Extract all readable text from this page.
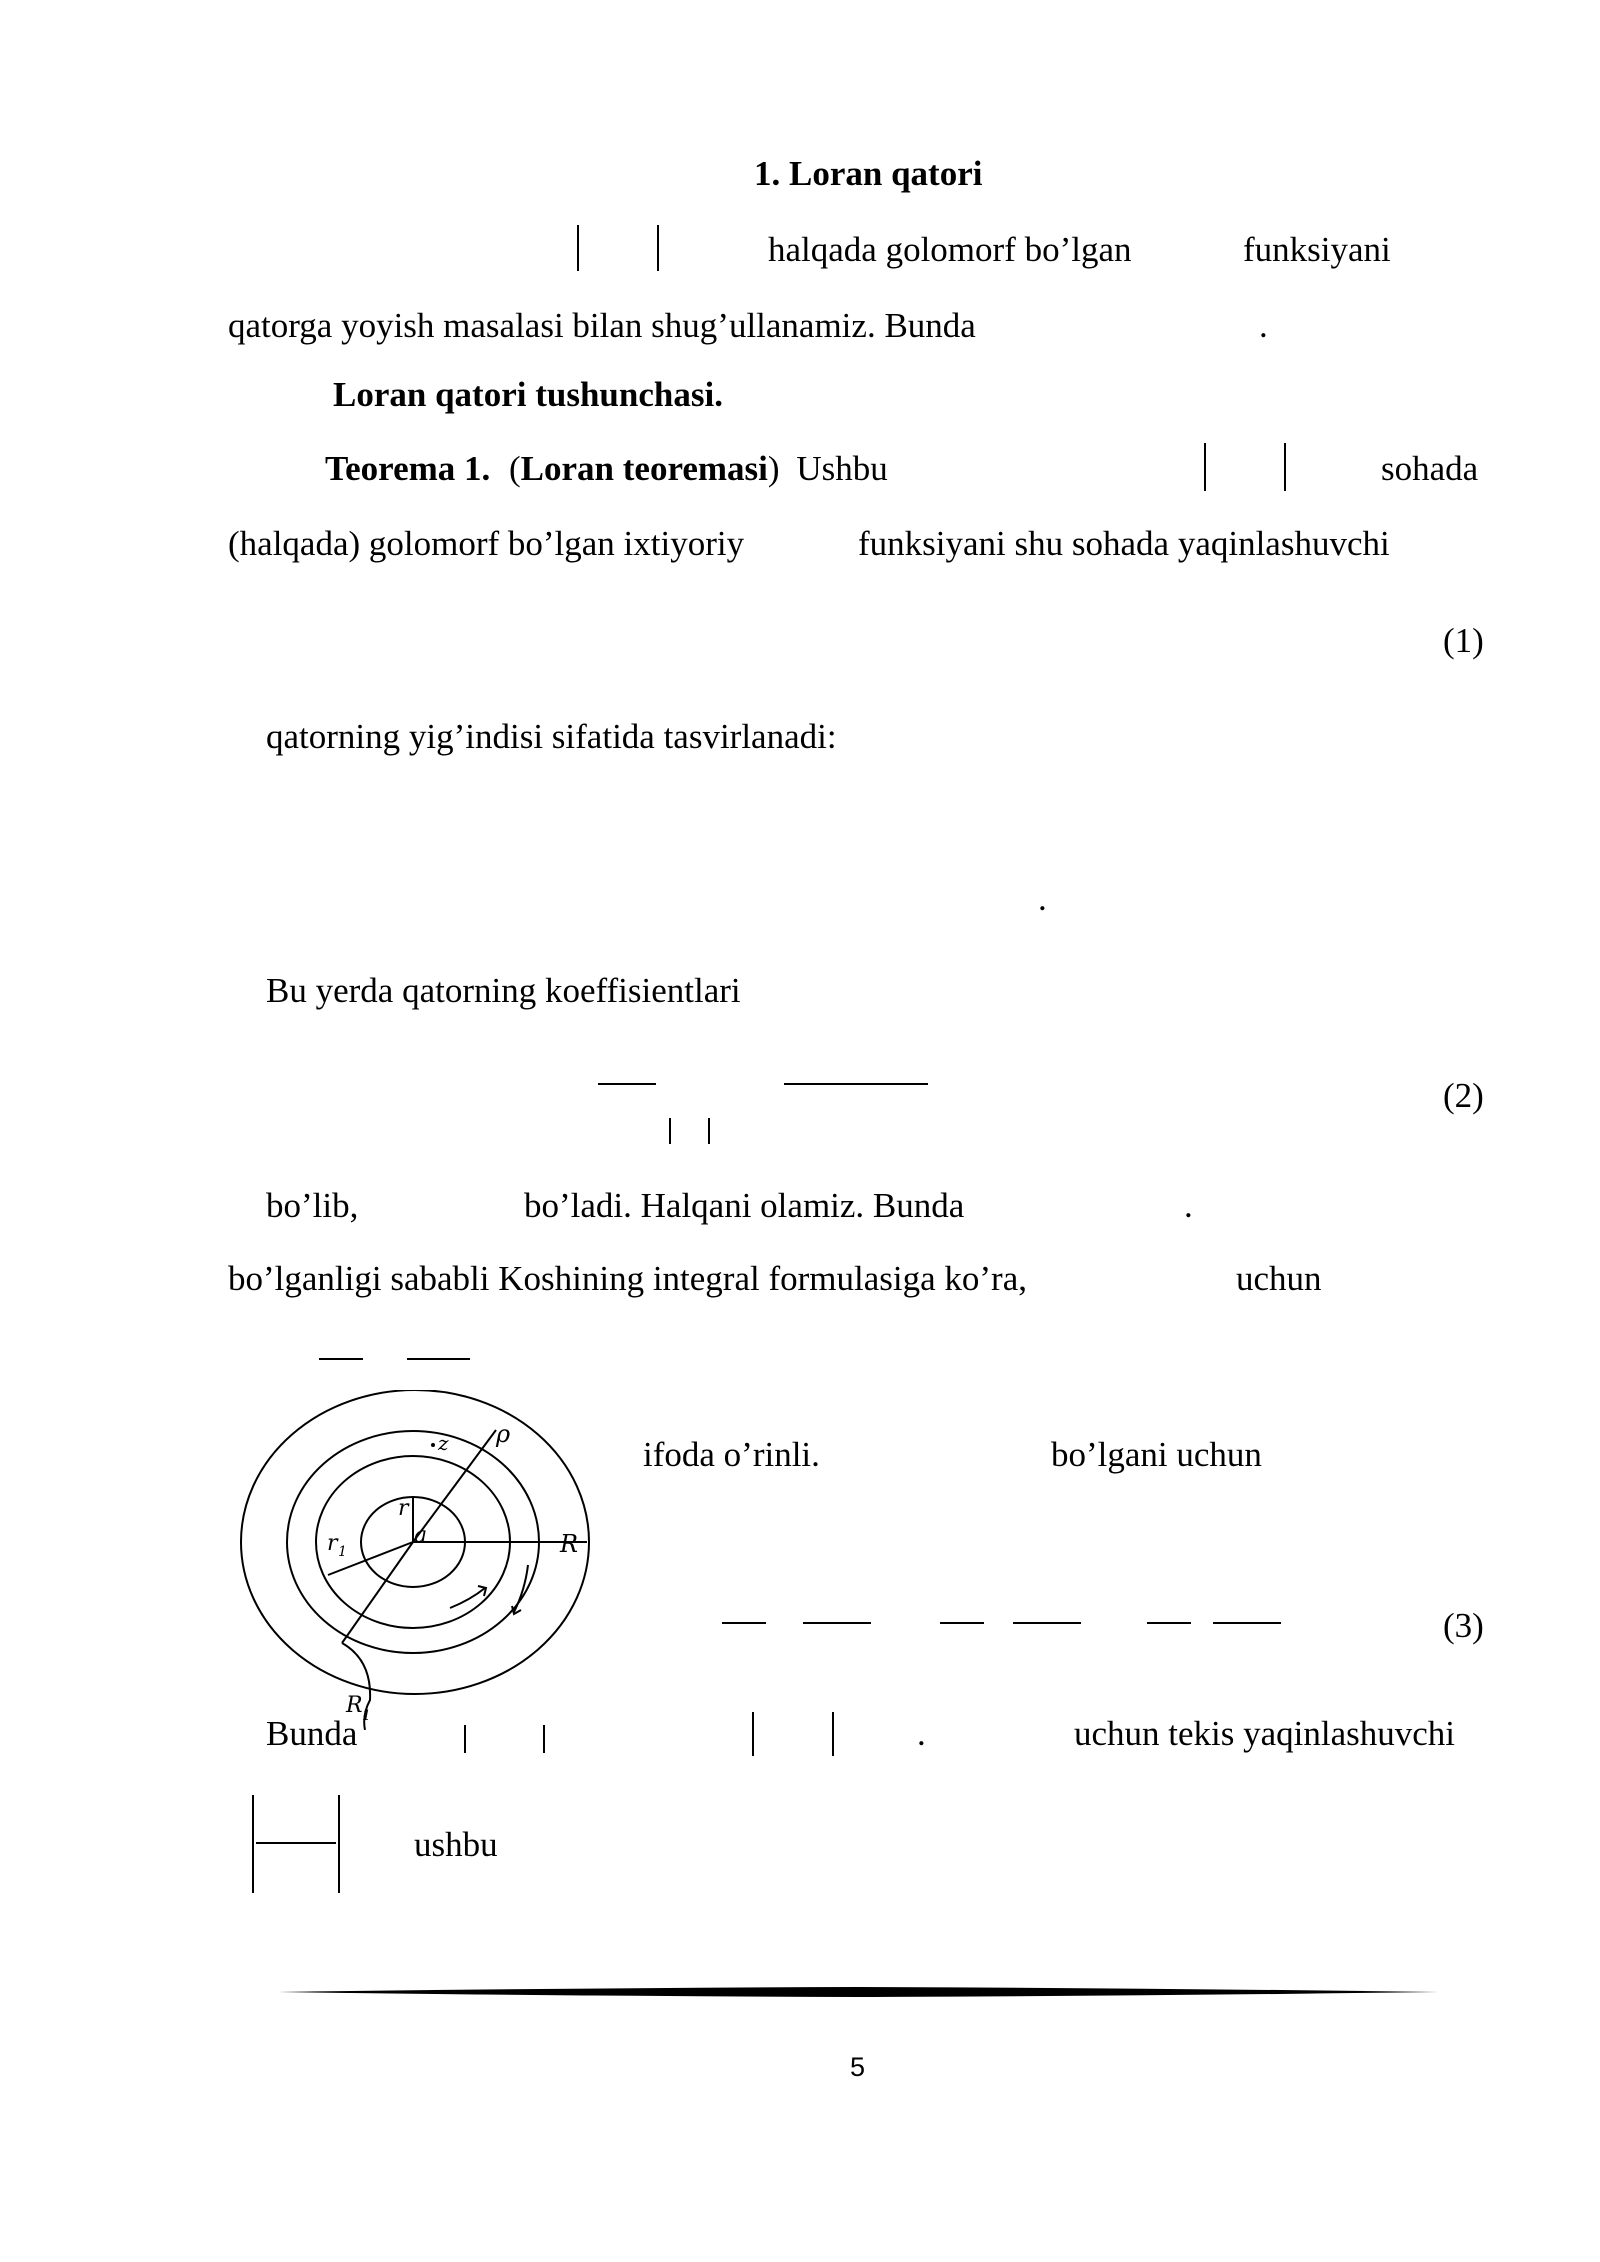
1. Loran qatori
halqada golomorf bo’lgan	funksiyani
qatorga yoyish masalasi bilan shug’ullanamiz. Bunda	.
Loran qatori tushunchasi.
Teorema 1. (Loran teoremasi) Ushbu	sohada
(halqada) golomorf bo’lgan ixtiyoriy	funksiyani shu sohada yaqinlashuvchi
(1)
qatorning yig’indisi sifatida tasvirlanadi:
.
Bu yerda qatorning koeffisientlari
(2)
bo’lib,	bo’ladi. Halqani olamiz. Bunda	.
bo’lganligi sababli Koshining integral formulasiga ko’ra,	uchun
z ρ
r
r 1
a	R
R 1
ifoda o’rinli.	bo’lgani uchun
(3)
Bunda	.	uchun tekis yaqinlashuvchi
ushbu
5
